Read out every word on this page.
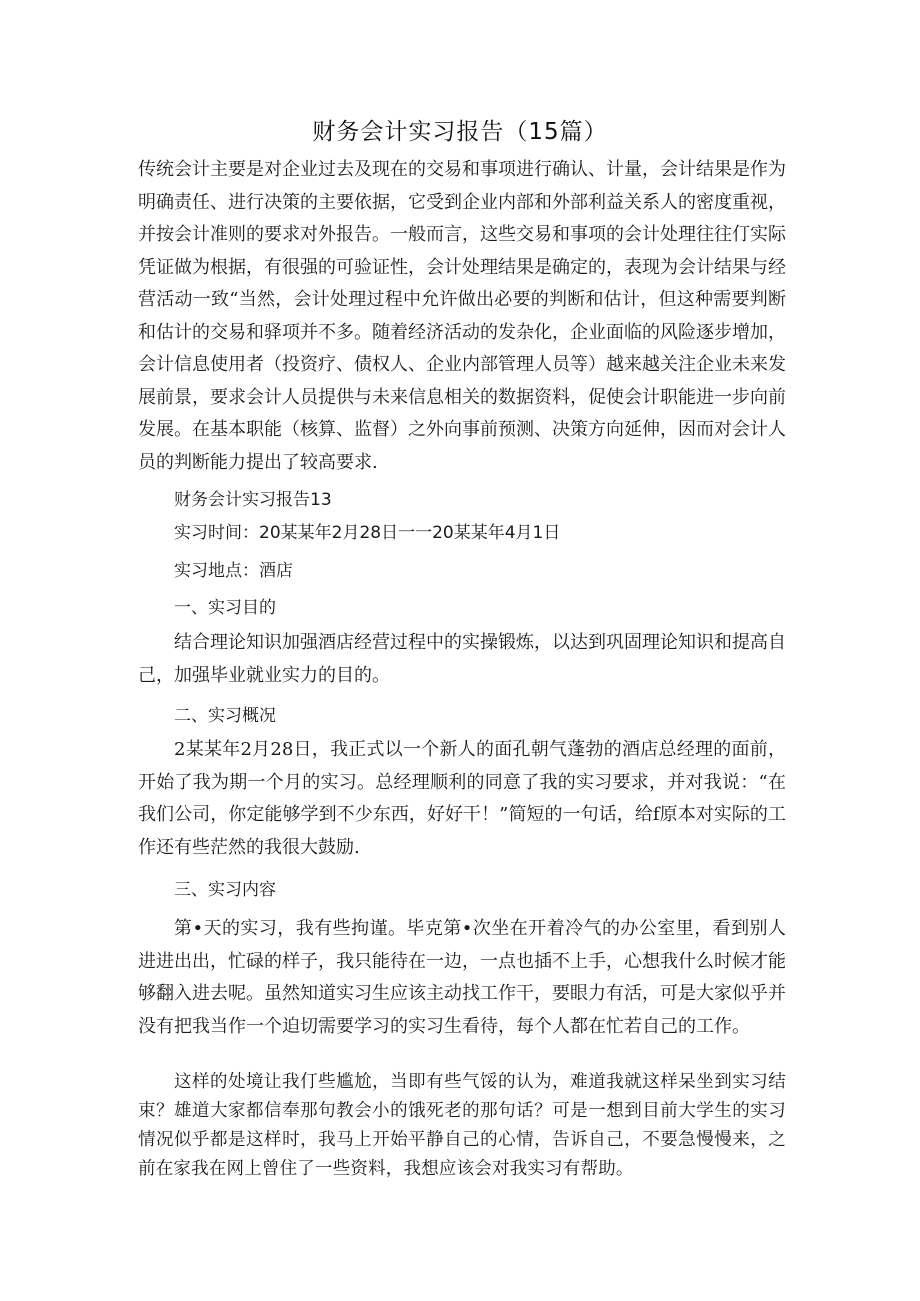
财务会计实习报告（15篇）

传统会计主要是对企业过去及现在的交易和事项进行确认、计量，会计结果是作为明确责任、进行决策的主要依据，它受到企业内部和外部利益关系人的密度重视，并按会计准则的要求对外报告。一般而言，这些交易和事项的会计处理往往仃实际凭证做为根据，有很强的可验证性，会计处理结果是确定的，表现为会计结果与经营活动一致“当然，会计处理过程中允许做出必要的判断和估计，但这种需要判断和估计的交易和驿项并不多。随着经济活动的发杂化，企业面临的风险逐步增加，会计信息使用者（投资疗、债权人、企业内部管理人员等）越来越关注企业未来发展前景，要求会计人员提供与未来信息相关的数据资料，促使会计职能进一步向前发展。在基本职能（核算、监督）之外向事前预测、决策方向延伸，因而对会计人员的判断能力提出了较高要求.

财务会计实习报告13

实习时间：20某某年2月28日一一20某某年4月1日

实习地点：酒店

一、实习目的

结合理论知识加强酒店经营过程中的实操锻炼，以达到巩固理论知识和提高自己，加强毕业就业实力的目的。

二、实习概况

2某某年2月28日，我正式以一个新人的面孔朝气蓬勃的酒店总经理的面前，开始了我为期一个月的实习。总经理顺利的同意了我的实习要求，并对我说：“在我们公司，你定能够学到不少东西，好好干！”简短的一句话，给f原本对实际的工作还有些茫然的我很大鼓励.

三、实习内容

第•天的实习，我有些拘谨。毕克第•次坐在开着冷气的办公室里，看到别人进进出出，忙碌的样子，我只能待在一边，一点也插不上手，心想我什么时候才能够翻入进去呢。虽然知道实习生应该主动找工作干，要眼力有活，可是大家似乎并没有把我当作一个迫切需要学习的实习生看待，每个人都在忙若自己的工作。

这样的处境让我仃些尴尬，当即有些气馁的认为，难道我就这样呆坐到实习结束？雄道大家都信奉那句教会小的饿死老的那句话？可是一想到目前大学生的实习情况似乎都是这样时，我马上开始平静自己的心情，告诉自己，不要急慢慢来，之前在家我在网上曾住了一些资料，我想应该会对我实习有帮助。
